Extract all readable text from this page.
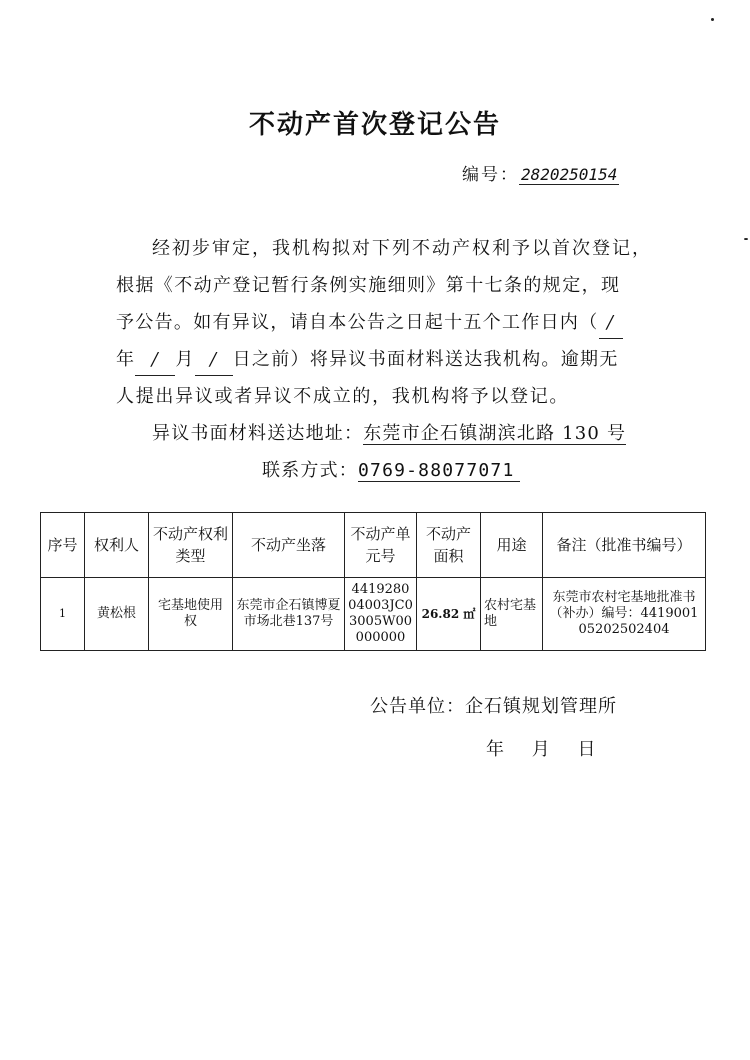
不动产首次登记公告
编号： 2820250154
经初步审定，我机构拟对下列不动产权利予以首次登记，
根据《不动产登记暂行条例实施细则》第十七条的规定，现
予公告。如有异议，请自本公告之日起十五个工作日内（ /
年 / 月 / 日之前）将异议书面材料送达我机构。逾期无
人提出异议或者异议不成立的，我机构将予以登记。
异议书面材料送达地址：东莞市企石镇湖滨北路 130 号
联系方式：0769-88077071
序号	权利人	不动产权利类型	不动产坐落	不动产单元号	不动产面积	用途	备注（批准书编号）
1	黄松根	宅基地使用权	东莞市企石镇博夏市场北巷137号	441928004003JC03005W00000000	26.82 ㎡	农村宅基地	东莞市农村宅基地批准书（补办）编号：441900105202502404
公告单位：企石镇规划管理所
年 月 日
